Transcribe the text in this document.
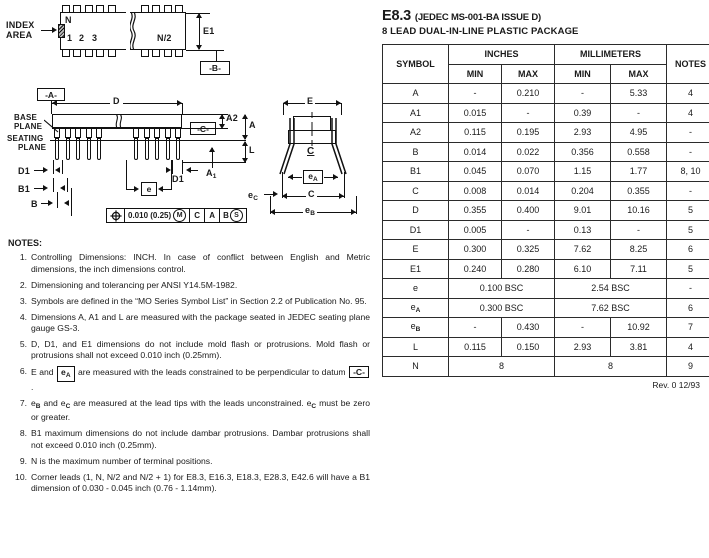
INDEX
AREA
N
1 2 3	N/2
E1
-B-
-A-
D
BASE
PLANE
SEATING
PLANE
D1
D1
B1
B
e
A2
A
L
$A_1$
0.010 (0.25) M	C	A	B S
E
C
$e_A$
$e_C$	C
$e_B$
E8.3 (JEDEC MS-001-BA ISSUE D)
8 LEAD DUAL-IN-LINE PLASTIC PACKAGE
SYMBOL	INCHES		MILLIMETERS		NOTES
	MIN	MAX	MIN	MAX	
A	-	0.210	-	5.33	4
A1	0.015	-	0.39	-	4
A2	0.115	0.195	2.93	4.95	-
B	0.014	0.022	0.356	0.558	-
B1	0.045	0.070	1.15	1.77	8, 10
C	0.008	0.014	0.204	0.355	-
D	0.355	0.400	9.01	10.16	5
D1	0.005	-	0.13	-	5
E	0.300	0.325	7.62	8.25	6
E1	0.240	0.280	6.10	7.11	5
e	0.100 BSC		2.54 BSC		-
$e_A$	0.300 BSC		7.62 BSC		6
$e_B$	-	0.430	-	10.92	7
L	0.115	0.150	2.93	3.81	4
N	8		8		9
Rev. 0 12/93
NOTES:
1. Controlling Dimensions: INCH. In case of conflict between English and Metric dimensions, the inch dimensions control.
2. Dimensioning and tolerancing per ANSI Y14.5M-1982.
3. Symbols are defined in the “MO Series Symbol List” in Section 2.2 of Publication No. 95.
4. Dimensions A, A1 and L are measured with the package seated in JEDEC seating plane gauge GS-3.
5. D, D1, and E1 dimensions do not include mold flash or protrusions. Mold flash or protrusions shall not exceed 0.010 inch (0.25mm).
6. E and $e_A$ are measured with the leads constrained to be perpendicular to datum -C-.
7. $e_B$ and $e_C$ are measured at the lead tips with the leads unconstrained. $e_C$ must be zero or greater.
8. B1 maximum dimensions do not include dambar protrusions. Dambar protrusions shall not exceed 0.010 inch (0.25mm).
9. N is the maximum number of terminal positions.
10. Corner leads (1, N, N/2 and N/2 + 1) for E8.3, E16.3, E18.3, E28.3, E42.6 will have a B1 dimension of 0.030 - 0.045 inch (0.76 - 1.14mm).
